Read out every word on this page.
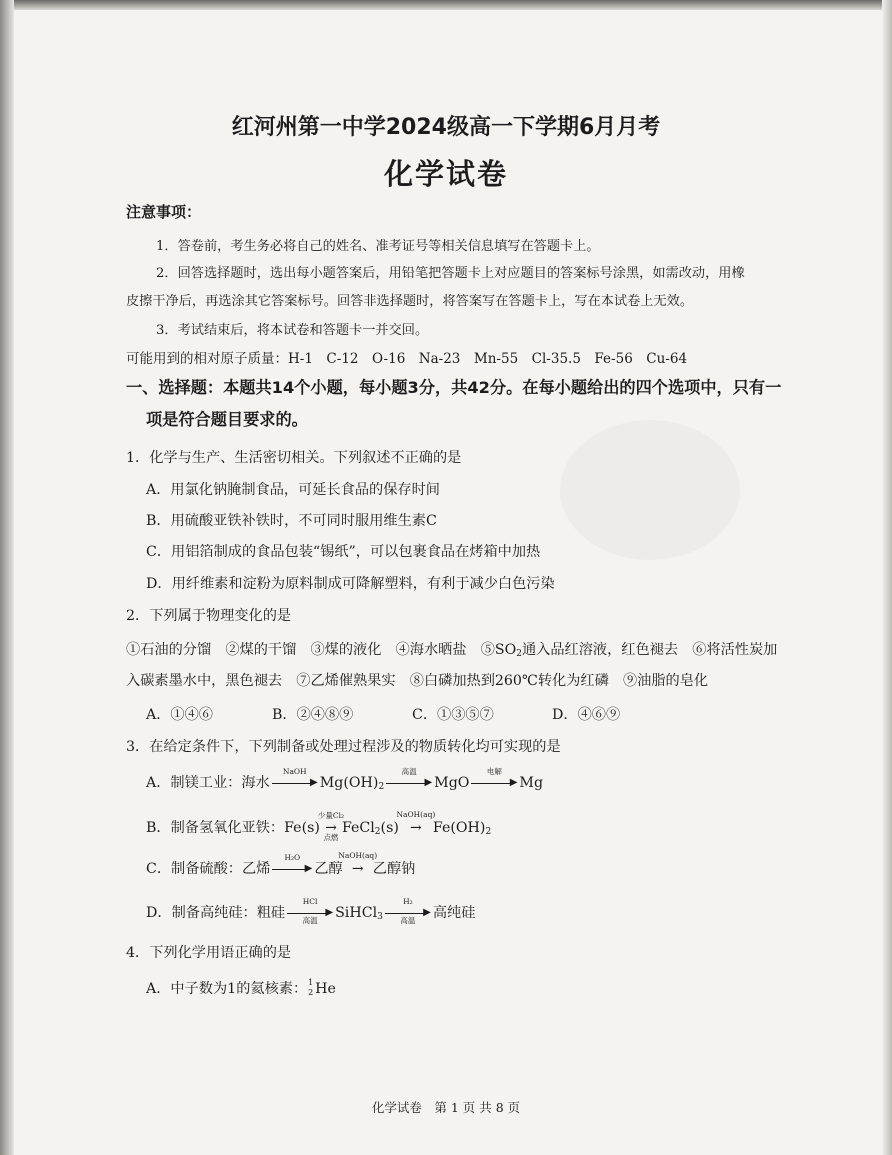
红河州第一中学2024级高一下学期6月月考
化学试卷
注意事项：
1．答卷前，考生务必将自己的姓名、准考证号等相关信息填写在答题卡上。
2．回答选择题时，选出每小题答案后，用铅笔把答题卡上对应题目的答案标号涂黑，如需改动，用橡
皮擦干净后，再选涂其它答案标号。回答非选择题时，将答案写在答题卡上，写在本试卷上无效。
3．考试结束后，将本试卷和答题卡一并交回。
可能用到的相对原子质量：H-1　C-12　O-16　Na-23　Mn-55　Cl-35.5　Fe-56　Cu-64
一、选择题：本题共14个小题，每小题3分，共42分。在每小题给出的四个选项中，只有一
项是符合题目要求的。
1．化学与生产、生活密切相关。下列叙述不正确的是
A．用氯化钠腌制食品，可延长食品的保存时间
B．用硫酸亚铁补铁时，不可同时服用维生素C
C．用铝箔制成的食品包装“锡纸”，可以包裹食品在烤箱中加热
D．用纤维素和淀粉为原料制成可降解塑料，有利于减少白色污染
2．下列属于物理变化的是
①石油的分馏　②煤的干馏　③煤的液化　④海水晒盐　$⑤SO_2$通入品红溶液，红色褪去　⑥将活性炭加
入碳素墨水中，黑色褪去　⑦乙烯催熟果实　⑧白磷加热到260℃转化为红磷　⑨油脂的皂化
A．①④⑥	B．②④⑧⑨	C．①③⑤⑦	D．④⑥⑨
3．在给定条件下，下列制备或处理过程涉及的物质转化均可实现的是
A．制镁工业：海水
NaOH
▶ $Mg(OH)_2$
高温
▶ MgO
电解
▶ Mg
B．制备氢氧化亚铁：Fe(s)
少量Cl₂
→
点燃
FeCl$_2$(s)
NaOH(aq)
→ $Fe(OH)_2$
C．制备硫酸：乙烯
H₂O
▶ 乙醇
NaOH(aq)
→ 乙醇钠
D．制备高纯硅：粗硅
HCl
▶
高温	SiHCl$_3$
H₂
▶
高温	高纯硅
4．下列化学用语正确的是
A．中子数为1的氦核素： 1
2 He
化学试卷　第 1 页 共 8 页
